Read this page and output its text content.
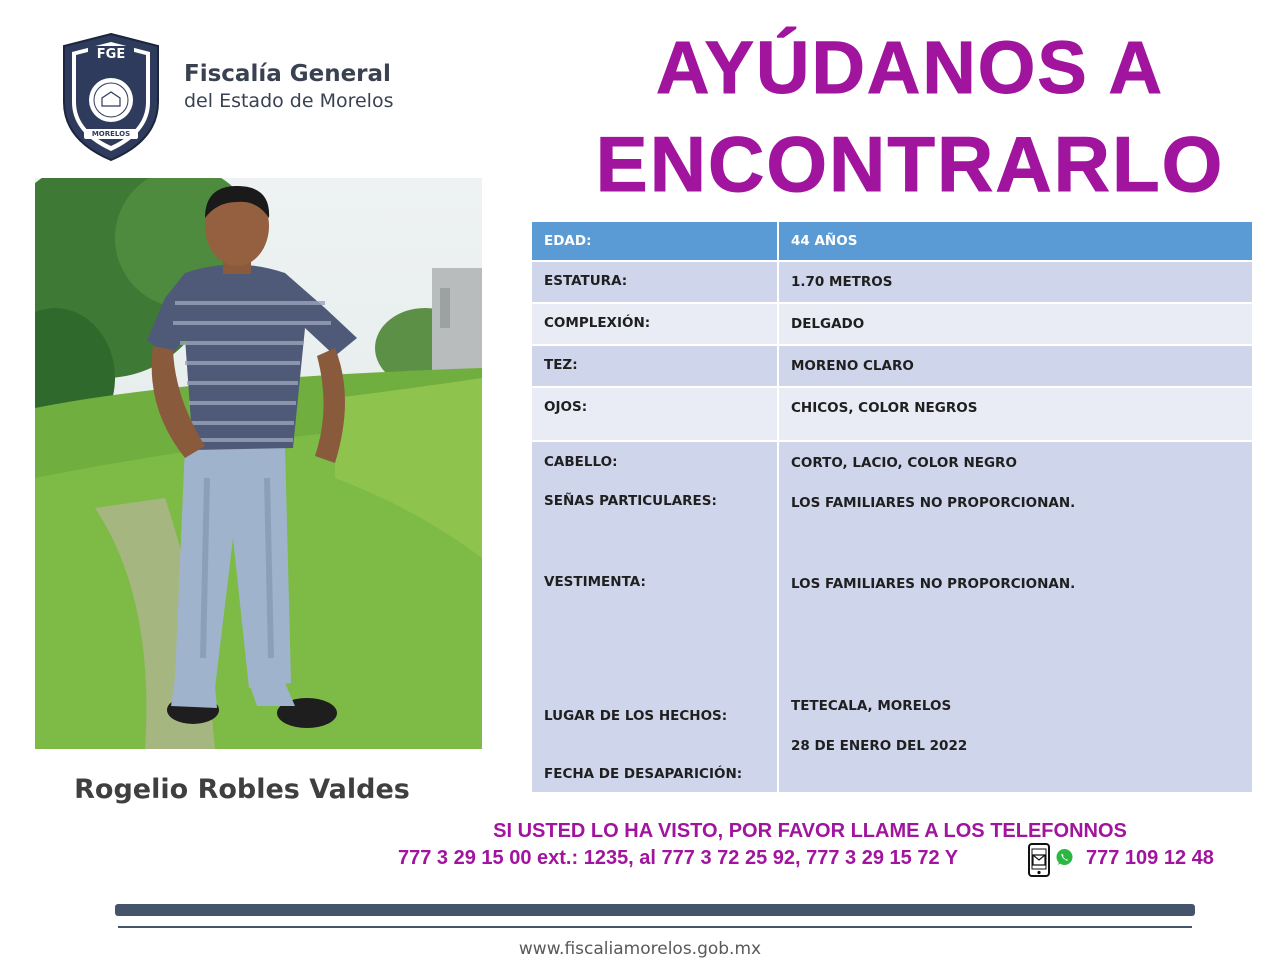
FGE
MORELOS
Fiscalía General
del Estado de Morelos	AYÚDANOS A
ENCONTRARLO
Rogelio Robles Valdes
EDAD:	44 AÑOS
ESTATURA:	1.70 METROS
COMPLEXIÓN:	DELGADO
TEZ:	MORENO CLARO
OJOS:	CHICOS, COLOR NEGROS
CABELLO:	CORTO, LACIO, COLOR NEGRO
SEÑAS PARTICULARES:	LOS FAMILIARES NO PROPORCIONAN.
VESTIMENTA:	LOS FAMILIARES NO PROPORCIONAN.
LUGAR DE LOS HECHOS:
TETECALA, MORELOS
FECHA DE DESAPARICIÓN:
28 DE ENERO DEL 2022
SI USTED LO HA VISTO, POR FAVOR LLAME A LOS TELEFONNOS
777 3 29 15 00 ext.: 1235, al 777 3 72 25 92, 777 3 29 15 72 Y	777 109 12 48
www.fiscaliamorelos.gob.mx
